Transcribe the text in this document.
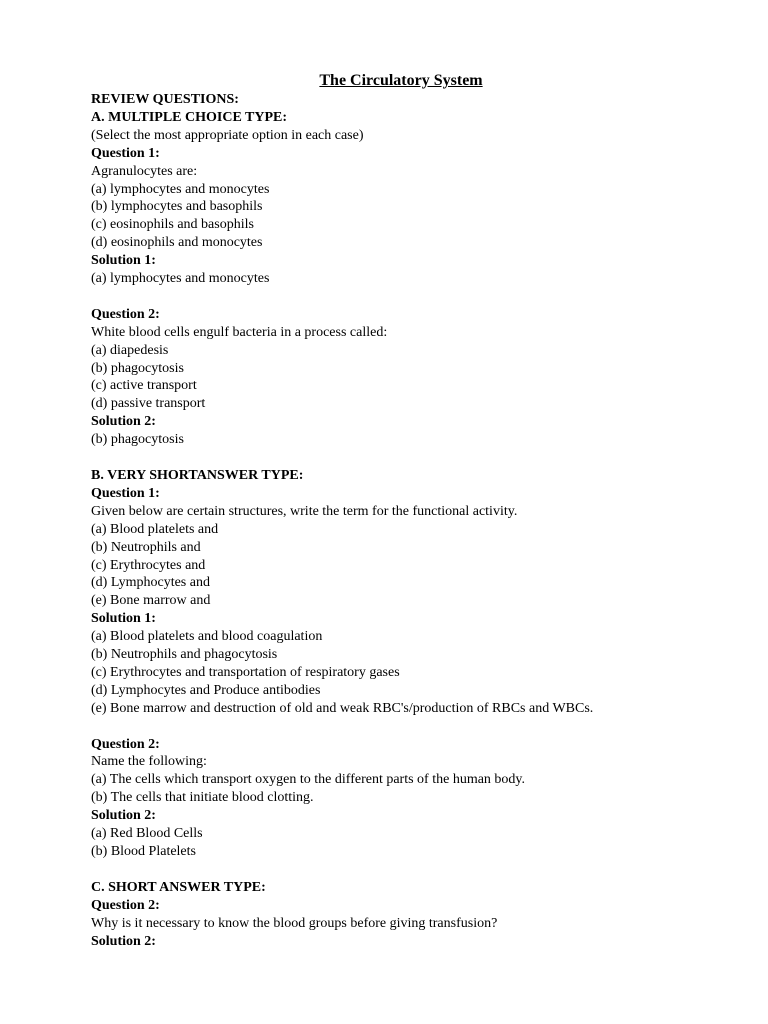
The Circulatory System
REVIEW QUESTIONS:
A. MULTIPLE CHOICE TYPE:
(Select the most appropriate option in each case)
Question 1:
Agranulocytes are:
(a) lymphocytes and monocytes
(b) lymphocytes and basophils
(c) eosinophils and basophils
(d) eosinophils and monocytes
Solution 1:
(a) lymphocytes and monocytes
Question 2:
White blood cells engulf bacteria in a process called:
(a) diapedesis
(b) phagocytosis
(c) active transport
(d) passive transport
Solution 2:
(b) phagocytosis
B. VERY SHORTANSWER TYPE:
Question 1:
Given below are certain structures, write the term for the functional activity.
(a) Blood platelets and
(b) Neutrophils and
(c) Erythrocytes and
(d) Lymphocytes and
(e) Bone marrow and
Solution 1:
(a) Blood platelets and blood coagulation
(b) Neutrophils and phagocytosis
(c) Erythrocytes and transportation of respiratory gases
(d) Lymphocytes and Produce antibodies
(e) Bone marrow and destruction of old and weak RBC's/production of RBCs and WBCs.
Question 2:
Name the following:
(a) The cells which transport oxygen to the different parts of the human body.
(b) The cells that initiate blood clotting.
Solution 2:
(a) Red Blood Cells
(b) Blood Platelets
C. SHORT ANSWER TYPE:
Question 2:
Why is it necessary to know the blood groups before giving transfusion?
Solution 2:
